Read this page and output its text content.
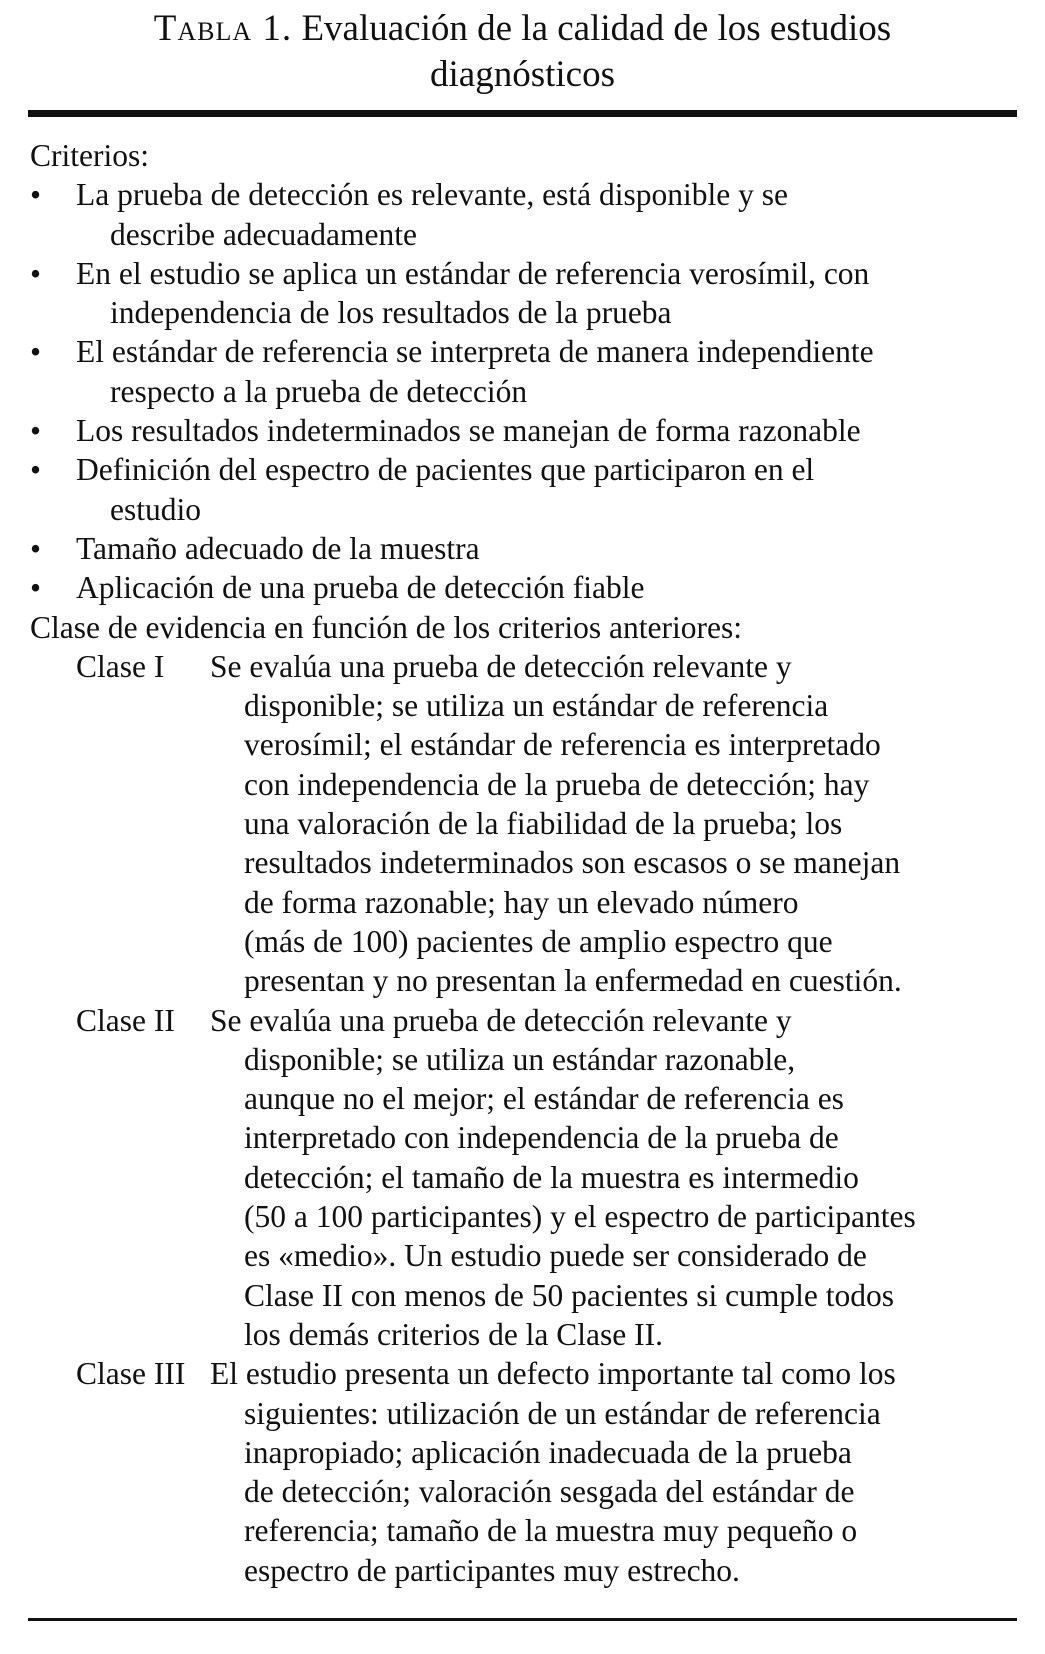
Tabla 1. Evaluación de la calidad de los estudios
diagnósticos
Criterios:
• La prueba de detección es relevante, está disponible y se
describe adecuadamente
• En el estudio se aplica un estándar de referencia verosímil, con
independencia de los resultados de la prueba
• El estándar de referencia se interpreta de manera independiente
respecto a la prueba de detección
• Los resultados indeterminados se manejan de forma razonable
• Definición del espectro de pacientes que participaron en el
estudio
• Tamaño adecuado de la muestra
• Aplicación de una prueba de detección fiable
Clase de evidencia en función de los criterios anteriores:
Clase I Se evalúa una prueba de detección relevante y
disponible; se utiliza un estándar de referencia
verosímil; el estándar de referencia es interpretado
con independencia de la prueba de detección; hay
una valoración de la fiabilidad de la prueba; los
resultados indeterminados son escasos o se manejan
de forma razonable; hay un elevado número
(más de 100) pacientes de amplio espectro que
presentan y no presentan la enfermedad en cuestión.
Clase II Se evalúa una prueba de detección relevante y
disponible; se utiliza un estándar razonable,
aunque no el mejor; el estándar de referencia es
interpretado con independencia de la prueba de
detección; el tamaño de la muestra es intermedio
(50 a 100 participantes) y el espectro de participantes
es «medio». Un estudio puede ser considerado de
Clase II con menos de 50 pacientes si cumple todos
los demás criterios de la Clase II.
Clase III El estudio presenta un defecto importante tal como los
siguientes: utilización de un estándar de referencia
inapropiado; aplicación inadecuada de la prueba
de detección; valoración sesgada del estándar de
referencia; tamaño de la muestra muy pequeño o
espectro de participantes muy estrecho.
